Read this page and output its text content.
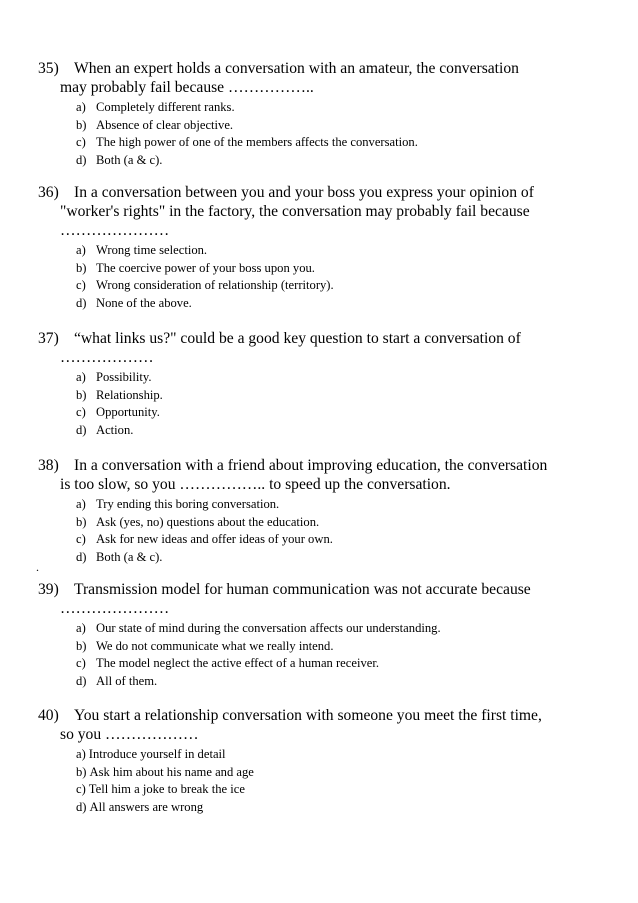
35) When an expert holds a conversation with an amateur, the conversation
may probably fail because ……………..
a) Completely different ranks.
b) Absence of clear objective.
c) The high power of one of the members affects the conversation.
d) Both (a & c).
36) In a conversation between you and your boss you express your opinion of
"worker's rights" in the factory, the conversation may probably fail because
…………………
a) Wrong time selection.
b) The coercive power of your boss upon you.
c) Wrong consideration of relationship (territory).
d) None of the above.
37) “what links us?" could be a good key question to start a conversation of
………………
a) Possibility.
b) Relationship.
c) Opportunity.
d) Action.
38) In a conversation with a friend about improving education, the conversation
is too slow, so you …………….. to speed up the conversation.
a) Try ending this boring conversation.
b) Ask (yes, no) questions about the education.
c) Ask for new ideas and offer ideas of your own.
d) Both (a & c).
.
39) Transmission model for human communication was not accurate because
…………………
a) Our state of mind during the conversation affects our understanding.
b) We do not communicate what we really intend.
c) The model neglect the active effect of a human receiver.
d) All of them.
40) You start a relationship conversation with someone you meet the first time,
so you ………………
a) Introduce yourself in detail
b) Ask him about his name and age
c) Tell him a joke to break the ice
d) All answers are wrong
